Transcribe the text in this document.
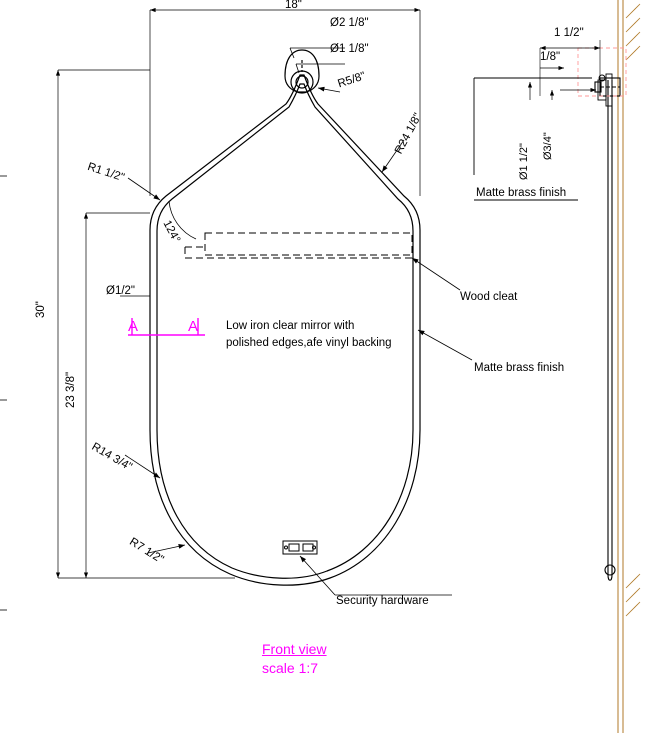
18"
Ø2 1/8"
Ø1 1/8"
R5/8"
R24 1/8"
R1 1/2"
124°
30"
23 3/8"
Ø1/2"
A	A
R14 3/4"
R7 1/2"
Low iron clear mirror with polished edges,afe vinyl backing
Wood cleat
Matte brass finish
Security hardware
1 1/2"
1/8"
Ø1 1/2" Ø3/4"
Matte brass finish
Front view
scale 1:7
